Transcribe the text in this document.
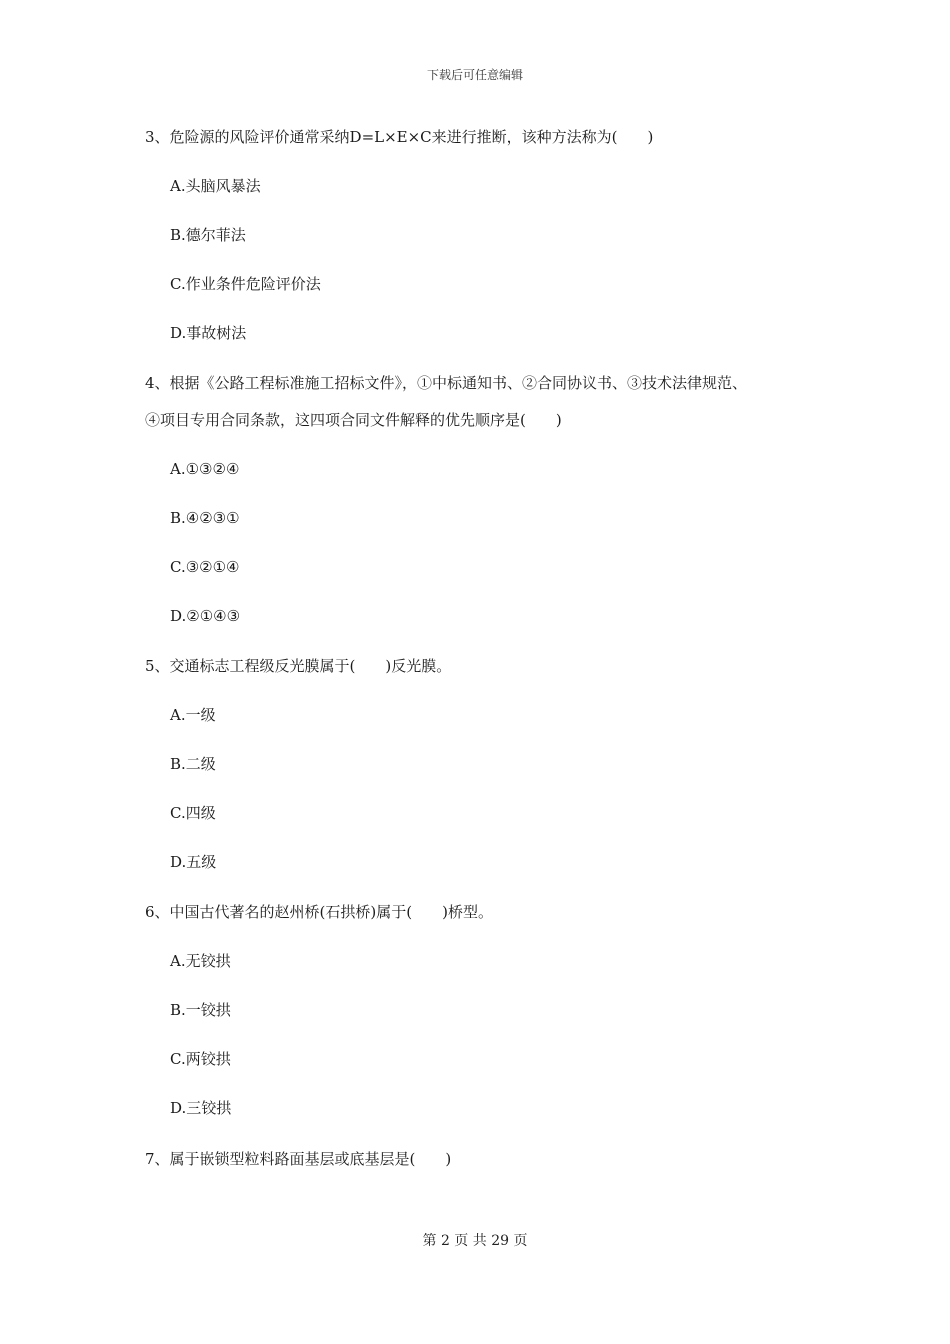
下载后可任意编辑
3、危险源的风险评价通常采纳D=L×E×C来进行推断，该种方法称为(　　)
A.头脑风暴法
B.德尔菲法
C.作业条件危险评价法
D.事故树法
4、根据《公路工程标准施工招标文件》，①中标通知书、②合同协议书、③技术法律规范、
④项目专用合同条款，这四项合同文件解释的优先顺序是(　　)
A.①③②④
B.④②③①
C.③②①④
D.②①④③
5、交通标志工程级反光膜属于(　　)反光膜。
A.一级
B.二级
C.四级
D.五级
6、中国古代著名的赵州桥(石拱桥)属于(　　)桥型。
A.无铰拱
B.一铰拱
C.两铰拱
D.三铰拱
7、属于嵌锁型粒料路面基层或底基层是(　　)
第 2 页 共 29 页
